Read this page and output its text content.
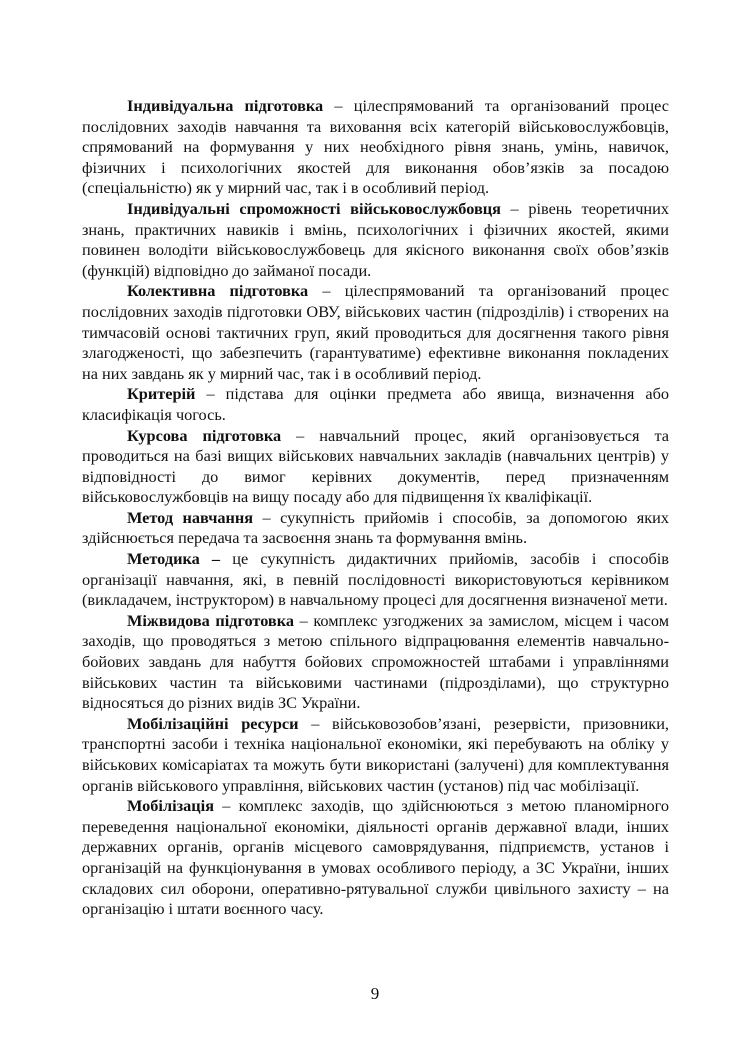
Індивідуальна підготовка – цілеспрямований та організований процес послідовних заходів навчання та виховання всіх категорій військовослужбовців, спрямований на формування у них необхідного рівня знань, умінь, навичок, фізичних і психологічних якостей для виконання обов’язків за посадою (спеціальністю) як у мирний час, так і в особливий період.

Індивідуальні спроможності військовослужбовця – рівень теоретичних знань, практичних навиків і вмінь, психологічних і фізичних якостей, якими повинен володіти військовослужбовець для якісного виконання своїх обов’язків (функцій) відповідно до займаної посади.

Колективна підготовка – цілеспрямований та організований процес послідовних заходів підготовки ОВУ, військових частин (підрозділів) і створених на тимчасовій основі тактичних груп, який проводиться для досягнення такого рівня злагодженості, що забезпечить (гарантуватиме) ефективне виконання покладених на них завдань як у мирний час, так і в особливий період.

Критерій – підстава для оцінки предмета або явища, визначення або класифікація чогось.

Курсова підготовка – навчальний процес, який організовується та проводиться на базі вищих військових навчальних закладів (навчальних центрів) у відповідності до вимог керівних документів, перед призначенням військовослужбовців на вищу посаду або для підвищення їх кваліфікації.

Метод навчання – сукупність прийомів і способів, за допомогою яких здійснюється передача та засвоєння знань та формування вмінь.

Методика – це сукупність дидактичних прийомів, засобів і способів організації навчання, які, в певній послідовності використовуються керівником (викладачем, інструктором) в навчальному процесі для досягнення визначеної мети.

Міжвидова підготовка – комплекс узгоджених за замислом, місцем і часом заходів, що проводяться з метою спільного відпрацювання елементів навчально-бойових завдань для набуття бойових спроможностей штабами і управліннями військових частин та військовими частинами (підрозділами), що структурно відносяться до різних видів ЗС України.

Мобілізаційні ресурси – військовозобов’язані, резервісти, призовники, транспортні засоби і техніка національної економіки, які перебувають на обліку у військових комісаріатах та можуть бути використані (залучені) для комплектування органів військового управління, військових частин (установ) під час мобілізації.

Мобілізація – комплекс заходів, що здійснюються з метою планомірного переведення національної економіки, діяльності органів державної влади, інших державних органів, органів місцевого самоврядування, підприємств, установ і організацій на функціонування в умовах особливого періоду, а ЗС України, інших складових сил оборони, оперативно-рятувальної служби цивільного захисту – на організацію і штати воєнного часу.

9
